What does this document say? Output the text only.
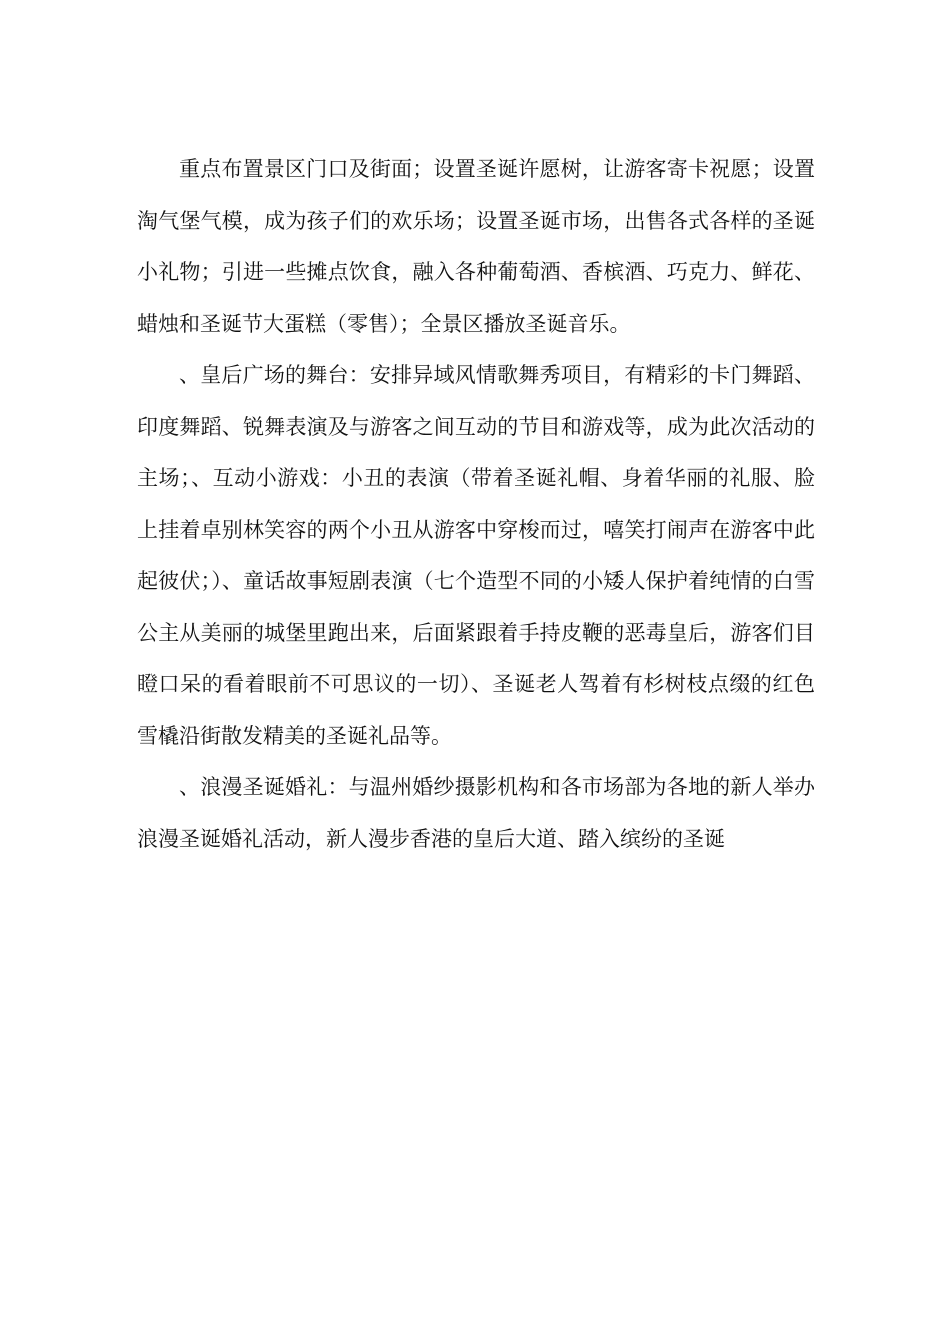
重点布置景区门口及街面；设置圣诞许愿树，让游客寄卡祝愿；设置淘气堡气模，成为孩子们的欢乐场；设置圣诞市场，出售各式各样的圣诞小礼物；引进一些摊点饮食，融入各种葡萄酒、香槟酒、巧克力、鲜花、蜡烛和圣诞节大蛋糕（零售）；全景区播放圣诞音乐。

、皇后广场的舞台：安排异域风情歌舞秀项目，有精彩的卡门舞蹈、印度舞蹈、锐舞表演及与游客之间互动的节目和游戏等，成为此次活动的主场；、互动小游戏：小丑的表演（带着圣诞礼帽、身着华丽的礼服、脸上挂着卓别林笑容的两个小丑从游客中穿梭而过，嘻笑打闹声在游客中此起彼伏；）、童话故事短剧表演（七个造型不同的小矮人保护着纯情的白雪公主从美丽的城堡里跑出来，后面紧跟着手持皮鞭的恶毒皇后，游客们目瞪口呆的看着眼前不可思议的一切）、圣诞老人驾着有杉树枝点缀的红色雪橇沿街散发精美的圣诞礼品等。

、浪漫圣诞婚礼：与温州婚纱摄影机构和各市场部为各地的新人举办浪漫圣诞婚礼活动，新人漫步香港的皇后大道、踏入缤纷的圣诞
